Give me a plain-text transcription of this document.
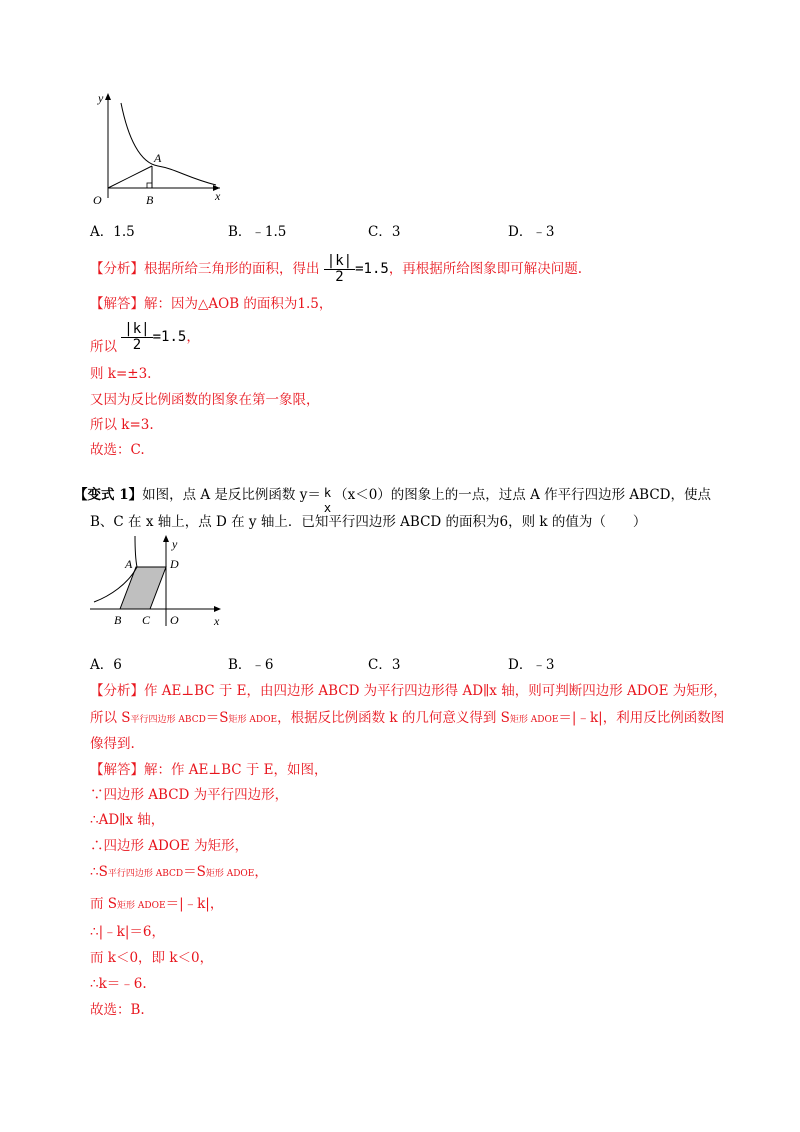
y
x
O
A
B
A．1.5	B．﹣1.5	C．3	D．﹣3
【分析】根据所给三角形的面积，得出 $\frac{|k|}{2} =1.5$，再根据所给图象即可解决问题.
【解答】解：因为△AOB 的面积为1.5，
所以 $\frac{|k|}{2} =1.5$，
则 k=±3.
又因为反比例函数的图象在第一象限，
所以 k=3.
故选：C.
【变式 1】如图，点 A 是反比例函数 y＝ k
x
（x＜0）的图象上的一点，过点 A 作平行四边形 ABCD，使点
B、C 在 x 轴上，点 D 在 y 轴上．已知平行四边形 ABCD 的面积为6，则 k 的值为（　　）
y
x
A	D
B C O
A．6	B．﹣6	C．3	D．﹣3
【分析】作 AE⊥BC 于 E，由四边形 ABCD 为平行四边形得 AD∥x 轴，则可判断四边形 ADOE 为矩形，
所以 S平行四边形 ABCD＝S矩形 ADOE，根据反比例函数 k 的几何意义得到 S矩形 ADOE＝|﹣k|，利用反比例函数图
像得到.
【解答】解：作 AE⊥BC 于 E，如图，
∵四边形 ABCD 为平行四边形，
∴AD∥x 轴，
∴四边形 ADOE 为矩形，
∴S平行四边形 ABCD＝S矩形 ADOE，
而 S矩形 ADOE＝|﹣k|，
∴|﹣k|＝6，
而 k＜0，即 k＜0，
∴k＝﹣6.
故选：B.
